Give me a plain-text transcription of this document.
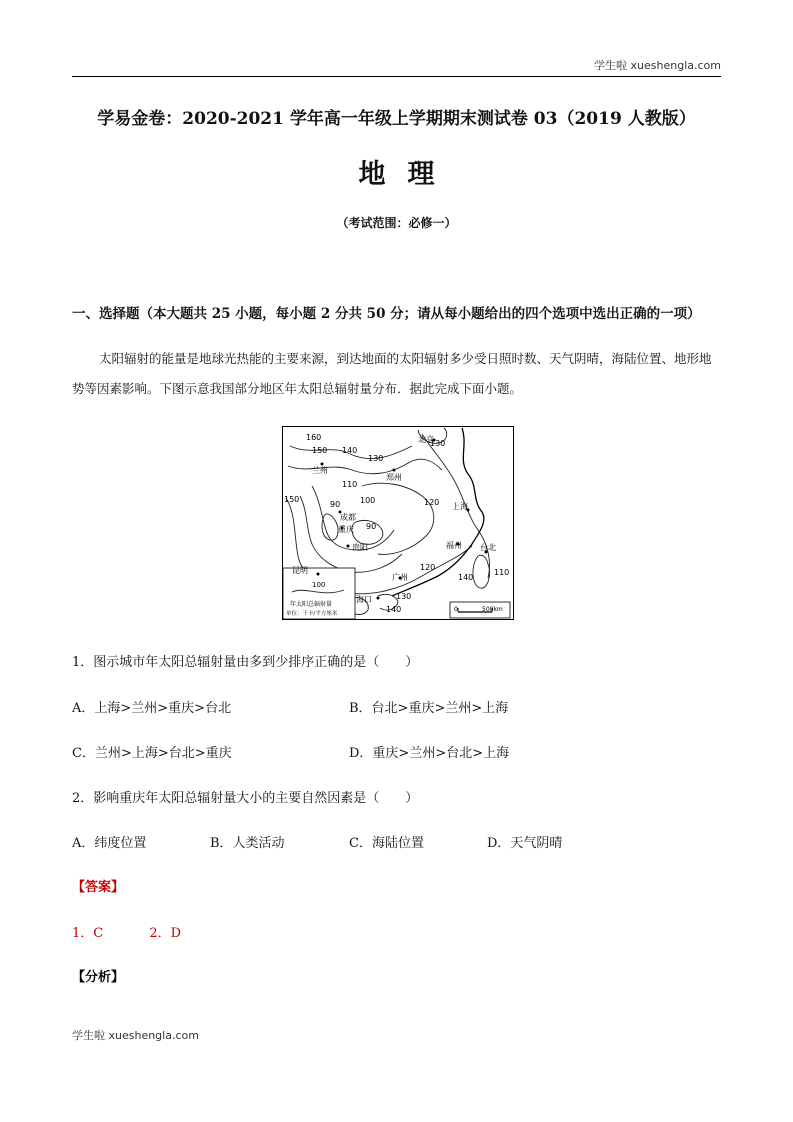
学生啦 xueshengla.com
学易金卷：2020-2021 学年高一年级上学期期末测试卷 03（2019 人教版）
地理
（考试范围：必修一）
一、选择题（本大题共 25 小题，每小题 2 分共 50 分；请从每小题给出的四个选项中选出正确的一项）
太阳辐射的能量是地球光热能的主要来源，到达地面的太阳辐射多少受日照时数、天气阴晴，海陆位置、地形地势等因素影响。下图示意我国部分地区年太阳总辐射量分布．据此完成下面小题。
100
年太阳总辐射量
单位：千卡/平方厘米
0	500km
北京
兰州
郑州
成都
重庆
贵阳
上海
福州 台北
昆明
广州
海口
160
150 140
130
130
110
100
90
90
120
150
120
140
110
140
130
1．图示城市年太阳总辐射量由多到少排序正确的是（　　）
A．上海>兰州>重庆>台北	B．台北>重庆>兰州>上海
C．兰州>上海>台北>重庆	D．重庆>兰州>台北>上海
2．影响重庆年太阳总辐射量大小的主要自然因素是（　　）
A．纬度位置	B．人类活动	C．海陆位置	D．天气阴晴
【答案】
1．C	2．D
【分析】
学生啦 xueshengla.com
